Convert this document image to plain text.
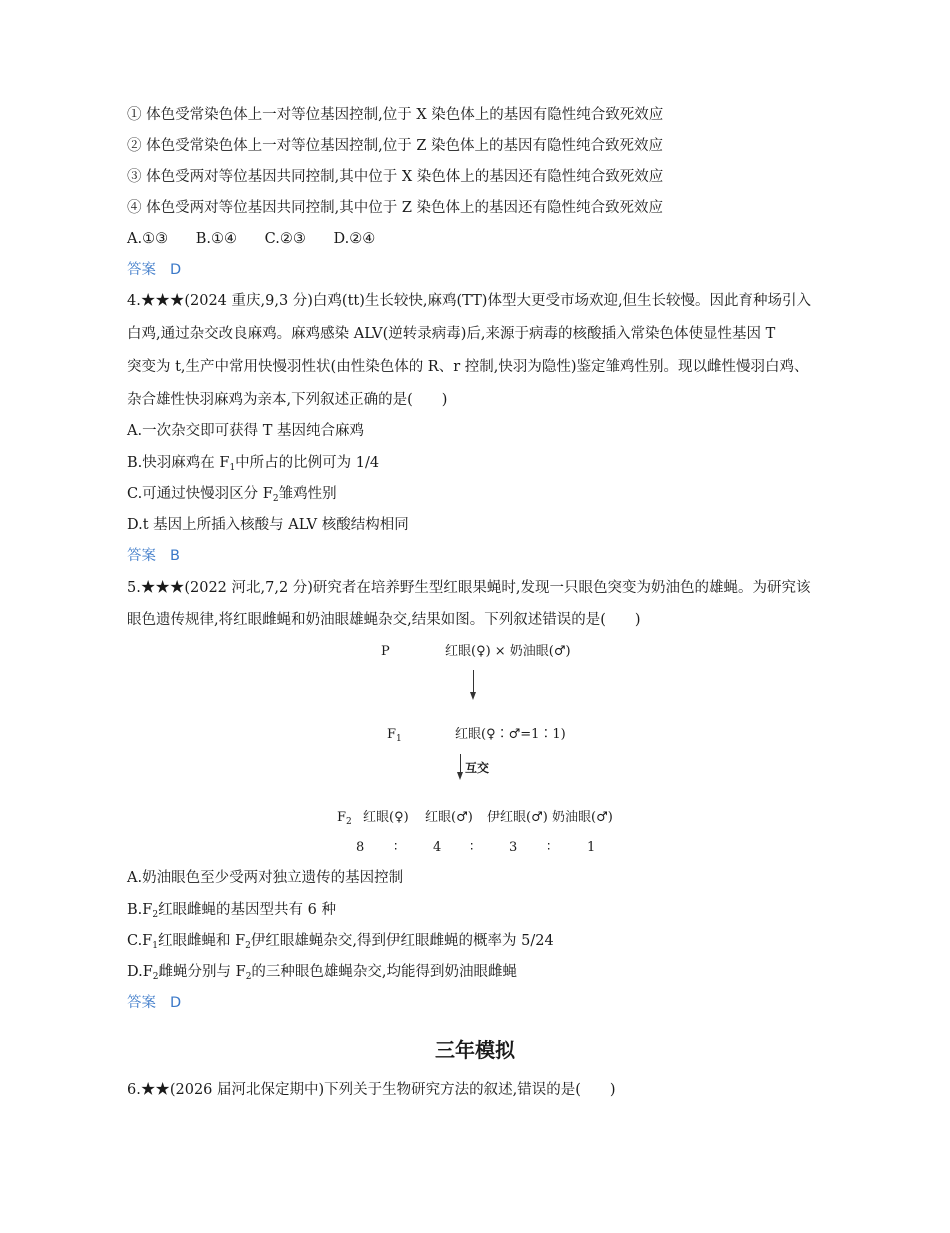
① 体色受常染色体上一对等位基因控制,位于 X 染色体上的基因有隐性纯合致死效应
② 体色受常染色体上一对等位基因控制,位于 Z 染色体上的基因有隐性纯合致死效应
③ 体色受两对等位基因共同控制,其中位于 X 染色体上的基因还有隐性纯合致死效应
④ 体色受两对等位基因共同控制,其中位于 Z 染色体上的基因还有隐性纯合致死效应
A.①③      B.①④      C.②③      D.②④
答案 D
4.★★★(2024 重庆,9,3 分)白鸡(tt)生长较快,麻鸡(TT)体型大更受市场欢迎,但生长较慢。因此育种场引入
白鸡,通过杂交改良麻鸡。麻鸡感染 ALV(逆转录病毒)后,来源于病毒的核酸插入常染色体使显性基因 T
突变为 t,生产中常用快慢羽性状(由性染色体的 R、r 控制,快羽为隐性)鉴定雏鸡性别。现以雌性慢羽白鸡、
杂合雄性快羽麻鸡为亲本,下列叙述正确的是(　　)
A.一次杂交即可获得 T 基因纯合麻鸡
B.快羽麻鸡在 $F_1$中所占的比例可为 1/4
C.可通过快慢羽区分 $F_2$雏鸡性别
D.t 基因上所插入核酸与 ALV 核酸结构相同
答案 B
5.★★★(2022 河北,7,2 分)研究者在培养野生型红眼果蝇时,发现一只眼色突变为奶油色的雄蝇。为研究该
眼色遗传规律,将红眼雌蝇和奶油眼雄蝇杂交,结果如图。下列叙述错误的是(　　)
P	红眼(♀) × 奶油眼(♂)
$F_1$	红眼(♀∶♂=1∶1)
互交
$F_2$ 红眼(♀) 红眼(♂) 伊红眼(♂) 奶油眼(♂)
8 ∶	4 ∶	3 ∶	1
A.奶油眼色至少受两对独立遗传的基因控制
$B.F_2$红眼雌蝇的基因型共有 6 种
$C.F_1$红眼雌蝇和 $F_2$伊红眼雄蝇杂交,得到伊红眼雌蝇的概率为 5/24
$D.F_2$雌蝇分别与 $F_2$的三种眼色雄蝇杂交,均能得到奶油眼雌蝇
答案 D
三年模拟
6.★★(2026 届河北保定期中)下列关于生物研究方法的叙述,错误的是(　　)
